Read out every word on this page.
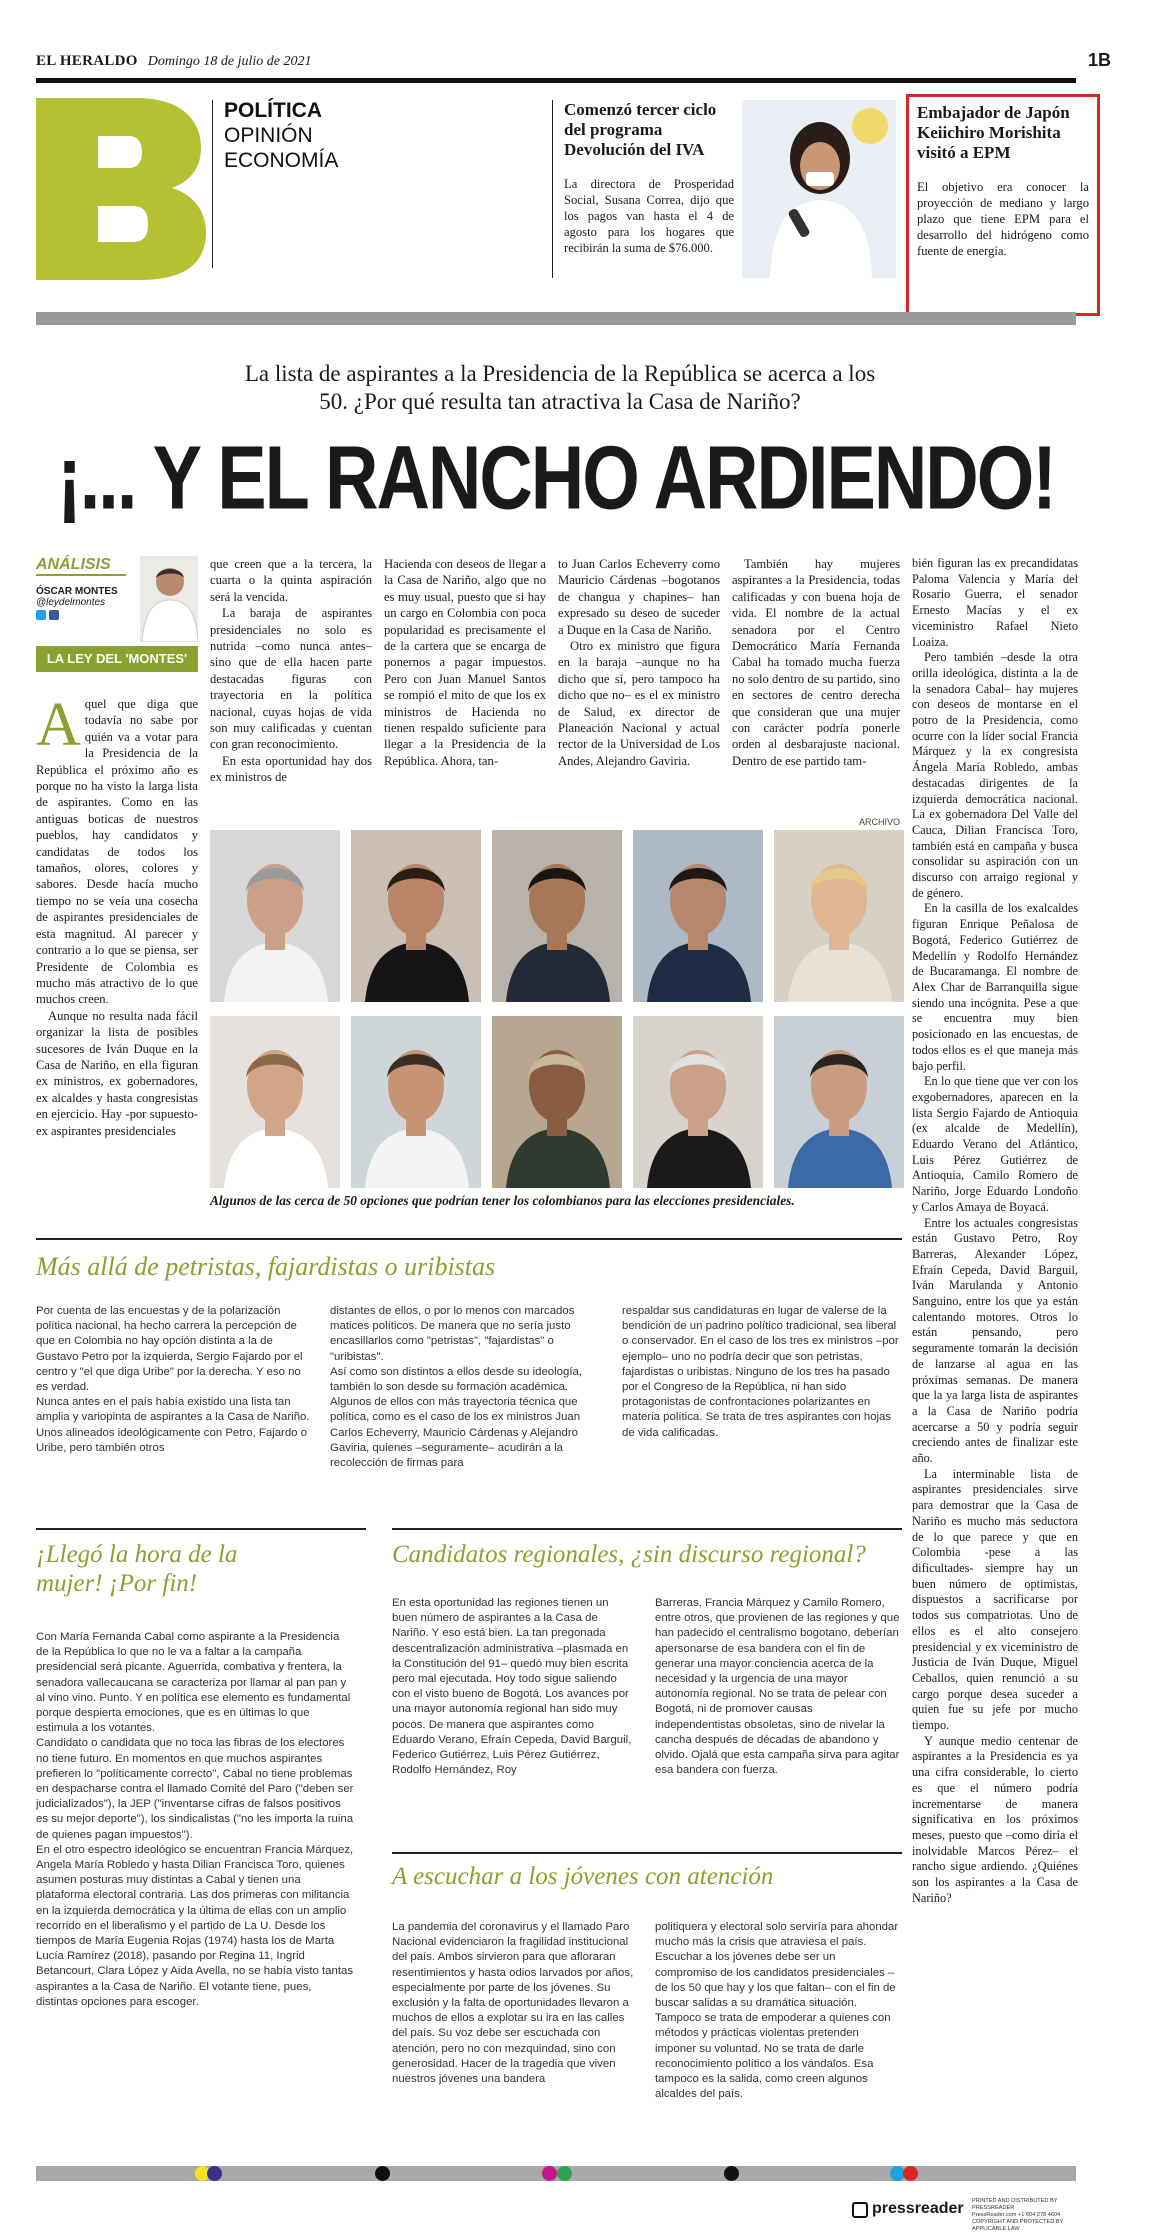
EL HERALDO Domingo 18 de julio de 2021	1B
POLÍTICA
OPINIÓN
ECONOMÍA
Comenzó tercer ciclo del programa Devolución del IVA
La directora de Prosperidad Social, Susana Correa, dijo que los pagos van hasta el 4 de agosto para los hogares que recibirán la suma de $76.000.
Embajador de Japón Keiichiro Morishita visitó a EPM
El objetivo era conocer la proyección de mediano y largo plazo que tiene EPM para el desarrollo del hidrógeno como fuente de energía.
La lista de aspirantes a la Presidencia de la República se acerca a los 50. ¿Por qué resulta tan atractiva la Casa de Nariño?
¡... Y EL RANCHO ARDIENDO!
ANÁLISIS
ÓSCAR MONTES
@leydelmontes

LA LEY DEL 'MONTES'
A quel que diga que todavía no sabe por quién va a votar para la Presidencia de la República el próximo año es porque no ha visto la larga lista de aspirantes. Como en las antiguas boticas de nuestros pueblos, hay candidatos y candidatas de todos los tamaños, olores, colores y sabores. Desde hacía mucho tiempo no se veía una cosecha de aspirantes presidenciales de esta magnitud. Al parecer y contrario a lo que se piensa, ser Presidente de Colombia es mucho más atractivo de lo que muchos creen.

Aunque no resulta nada fácil organizar la lista de posibles sucesores de Iván Duque en la Casa de Nariño, en ella figuran ex ministros, ex gobernadores, ex alcaldes y hasta congresistas en ejercicio. Hay -por supuesto- ex aspirantes presidenciales

que creen que a la tercera, la cuarta o la quinta aspiración será la vencida.

La baraja de aspirantes presidenciales no solo es nutrida –como nunca antes– sino que de ella hacen parte destacadas figuras con trayectoria en la política nacional, cuyas hojas de vida son muy calificadas y cuentan con gran reconocimiento.

En esta oportunidad hay dos ex ministros de

Hacienda con deseos de llegar a la Casa de Nariño, algo que no es muy usual, puesto que si hay un cargo en Colombia con poca popularidad es precisamente el de la cartera que se encarga de ponernos a pagar impuestos. Pero con Juan Manuel Santos se rompió el mito de que los ex ministros de Hacienda no tienen respaldo suficiente para llegar a la Presidencia de la República. Ahora, tan-

to Juan Carlos Echeverry como Mauricio Cárdenas –bogotanos de changua y chapines– han expresado su deseo de suceder a Duque en la Casa de Nariño.

Otro ex ministro que figura en la baraja –aunque no ha dicho que sí, pero tampoco ha dicho que no– es el ex ministro de Salud, ex director de Planeación Nacional y actual rector de la Universidad de Los Andes, Alejandro Gaviria.

También hay mujeres aspirantes a la Presidencia, todas calificadas y con buena hoja de vida. El nombre de la actual senadora por el Centro Democrático María Fernanda Cabal ha tomado mucha fuerza no solo dentro de su partido, sino en sectores de centro derecha que consideran que una mujer con carácter podría ponerle orden al desbarajuste nacional. Dentro de ese partido tam-

bién figuran las ex precandidatas Paloma Valencia y María del Rosario Guerra, el senador Ernesto Macías y el ex viceministro Rafael Nieto Loaiza.

Pero también –desde la otra orilla ideológica, distinta a la de la senadora Cabal– hay mujeres con deseos de montarse en el potro de la Presidencia, como ocurre con la líder social Francia Márquez y la ex congresista Ángela María Robledo, ambas destacadas dirigentes de la izquierda democrática nacional. La ex gobernadora Del Valle del Cauca, Dilian Francisca Toro, también está en campaña y busca consolidar su aspiración con un discurso con arraigo regional y de género.

En la casilla de los exalcaldes figuran Enrique Peñalosa de Bogotá, Federico Gutiérrez de Medellín y Rodolfo Hernández de Bucaramanga. El nombre de Alex Char de Barranquilla sigue siendo una incógnita. Pese a que se encuentra muy bien posicionado en las encuestas, de todos ellos es el que maneja más bajo perfil.

En lo que tiene que ver con los exgobernadores, aparecen en la lista Sergio Fajardo de Antioquia (ex alcalde de Medellín), Eduardo Verano del Atlántico, Luis Pérez Gutiérrez de Antioquia, Camilo Romero de Nariño, Jorge Eduardo Londoño y Carlos Amaya de Boyacá.

Entre los actuales congresistas están Gustavo Petro, Roy Barreras, Alexander López, Efraín Cepeda, David Barguil, Iván Marulanda y Antonio Sanguino, entre los que ya están calentando motores. Otros lo están pensando, pero seguramente tomarán la decisión de lanzarse al agua en las próximas semanas. De manera que la ya larga lista de aspirantes a la Casa de Nariño podría acercarse a 50 y podría seguir creciendo antes de finalizar este año.

La interminable lista de aspirantes presidenciales sirve para demostrar que la Casa de Nariño es mucho más seductora de lo que parece y que en Colombia -pese a las dificultades- siempre hay un buen número de optimistas, dispuestos a sacrificarse por todos sus compatriotas. Uno de ellos es el alto consejero presidencial y ex viceministro de Justicia de Iván Duque, Miguel Ceballos, quien renunció a su cargo porque desea suceder a quien fue su jefe por mucho tiempo.

Y aunque medio centenar de aspirantes a la Presidencia es ya una cifra considerable, lo cierto es que el número podría incrementarse de manera significativa en los próximos meses, puesto que –como diría el inolvidable Marcos Pérez– el rancho sigue ardiendo. ¿Quiénes son los aspirantes a la Casa de Nariño?

ARCHIVO
Algunos de las cerca de 50 opciones que podrían tener los colombianos para las elecciones presidenciales.
Más allá de petristas, fajardistas o uribistas
Por cuenta de las encuestas y de la polarización política nacional, ha hecho carrera la percepción de que en Colombia no hay opción distinta a la de Gustavo Petro por la izquierda, Sergio Fajardo por el centro y "el que diga Uribe" por la derecha. Y eso no es verdad.
Nunca antes en el país había existido una lista tan amplia y variopinta de aspirantes a la Casa de Nariño.
Unos alineados ideológicamente con Petro, Fajardo o Uribe, pero también otros
distantes de ellos, o por lo menos con marcados matices políticos. De manera que no sería justo encasillarlos como "petristas", "fajardistas" o "uribistas".
Así como son distintos a ellos desde su ideología, también lo son desde su formación académica. Algunos de ellos con más trayectoria técnica que política, como es el caso de los ex ministros Juan Carlos Echeverry, Mauricio Cárdenas y Alejandro Gaviria, quienes –seguramente– acudirán a la recolección de firmas para
respaldar sus candidaturas en lugar de valerse de la bendición de un padrino político tradicional, sea liberal o conservador. En el caso de los tres ex ministros –por ejemplo– uno no podría decir que son petristas, fajardistas o uribistas. Ninguno de los tres ha pasado por el Congreso de la República, ni han sido protagonistas de confrontaciones polarizantes en materia política. Se trata de tres aspirantes con hojas de vida calificadas.
¡Llegó la hora de la mujer! ¡Por fin!
Con María Fernanda Cabal como aspirante a la Presidencia de la República lo que no le va a faltar a la campaña presidencial será picante. Aguerrida, combativa y frentera, la senadora vallecaucana se caracteriza por llamar al pan pan y al vino vino. Punto. Y en política ese elemento es fundamental porque despierta emociones, que es en últimas lo que estimula a los votantes.
Candidato o candidata que no toca las fibras de los electores no tiene futuro. En momentos en que muchos aspirantes prefieren lo "políticamente correcto", Cabal no tiene problemas en despacharse contra el llamado Comité del Paro ("deben ser judicializados"), la JEP ("inventarse cifras de falsos positivos es su mejor deporte"), los sindicalistas ("no les importa la ruina de quienes pagan impuestos").
En el otro espectro ideológico se encuentran Francia Márquez, Angela María Robledo y hasta Dilian Francisca Toro, quienes asumen posturas muy distintas a Cabal y tienen una plataforma electoral contraria. Las dos primeras con militancia en la izquierda democrática y la última de ellas con un amplio recorrido en el liberalismo y el partido de La U. Desde los tiempos de María Eugenia Rojas (1974) hasta los de Marta Lucía Ramírez (2018), pasando por Regina 11, Ingrid Betancourt, Clara López y Aida Avella, no se había visto tantas aspirantes a la Casa de Nariño. El votante tiene, pues, distintas opciones para escoger.
Candidatos regionales, ¿sin discurso regional?
En esta oportunidad las regiones tienen un buen número de aspirantes a la Casa de Nariño. Y eso está bien. La tan pregonada descentralización administrativa –plasmada en la Constitución del 91– quedó muy bien escrita pero mal ejecutada. Hoy todo sigue saliendo con el visto bueno de Bogotá. Los avances por una mayor autonomía regional han sido muy pocos. De manera que aspirantes como Eduardo Verano, Efraín Cepeda, David Barguil, Federico Gutiérrez, Luis Pérez Gutiérrez, Rodolfo Hernández, Roy
Barreras, Francia Márquez y Camilo Romero, entre otros, que provienen de las regiones y que han padecido el centralismo bogotano, deberían apersonarse de esa bandera con el fin de generar una mayor conciencia acerca de la necesidad y la urgencia de una mayor autonomía regional. No se trata de pelear con Bogotá, ni de promover causas independentistas obsoletas, sino de nivelar la cancha después de décadas de abandono y olvido. Ojalá que esta campaña sirva para agitar esa bandera con fuerza.
A escuchar a los jóvenes con atención
La pandemia del coronavirus y el llamado Paro Nacional evidenciaron la fragilidad institucional del país. Ambos sirvieron para que afloraran resentimientos y hasta odios larvados por años, especialmente por parte de los jóvenes. Su exclusión y la falta de oportunidades llevaron a muchos de ellos a explotar su ira en las calles del país. Su voz debe ser escuchada con atención, pero no con mezquindad, sino con generosidad. Hacer de la tragedia que viven nuestros jóvenes una bandera
politiquera y electoral solo serviría para ahondar mucho más la crisis que atraviesa el país. Escuchar a los jóvenes debe ser un compromiso de los candidatos presidenciales –de los 50 que hay y los que faltan– con el fin de buscar salidas a su dramática situación. Tampoco se trata de empoderar a quienes con métodos y prácticas violentas pretenden imponer su voluntad. No se trata de darle reconocimiento político a los vándalos. Esa tampoco es la salida, como creen algunos alcaldes del país.
pressreader PRINTED AND DISTRIBUTED BY PRESSREADER
PressReader.com +1 604 278 4604
COPYRIGHT AND PROTECTED BY APPLICABLE LAW
